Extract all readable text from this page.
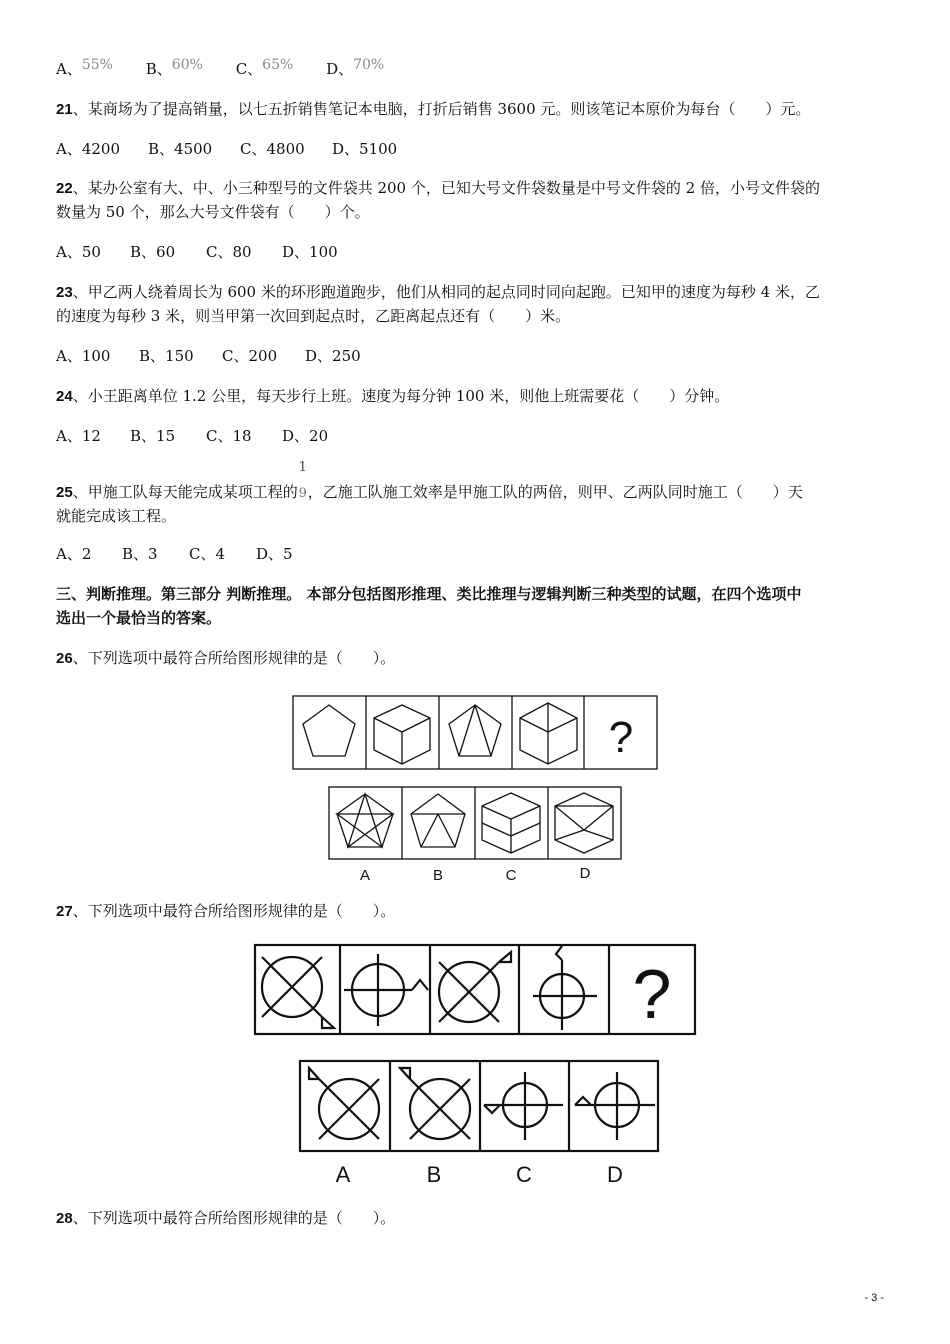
A、55% B、60% C、65% D、70%
21、某商场为了提高销量，以七五折销售笔记本电脑，打折后销售 3600 元。则该笔记本原价为每台（　　）元。
A、4200 B、4500 C、4800 D、5100
22、某办公室有大、中、小三种型号的文件袋共 200 个，已知大号文件袋数量是中号文件袋的 2 倍，小号文件袋的
数量为 50 个，那么大号文件袋有（　　）个。
A、50 B、60 C、80 D、100
23、甲乙两人绕着周长为 600 米的环形跑道跑步，他们从相同的起点同时同向起跑。已知甲的速度为每秒 4 米，乙
的速度为每秒 3 米，则当甲第一次回到起点时，乙距离起点还有（　　）米。
A、100 B、150 C、200 D、250
24、小王距离单位 1.2 公里，每天步行上班。速度为每分钟 100 米，则他上班需要花（　　）分钟。
A、12 B、15 C、18 D、20
25、甲施工队每天能完成某项工程的
1
9，乙施工队施工效率是甲施工队的两倍，则甲、乙两队同时施工（　　）天
就能完成该工程。
A、2 B、3 C、4 D、5
三、判断推理。第三部分 判断推理。 本部分包括图形推理、类比推理与逻辑判断三种类型的试题，在四个选项中
选出一个最恰当的答案。
26、下列选项中最符合所给图形规律的是（　　）。
?
A	B	C	D
?
A	B	C	D
27、下列选项中最符合所给图形规律的是（　　）。
28、下列选项中最符合所给图形规律的是（　　）。
- 3 -
